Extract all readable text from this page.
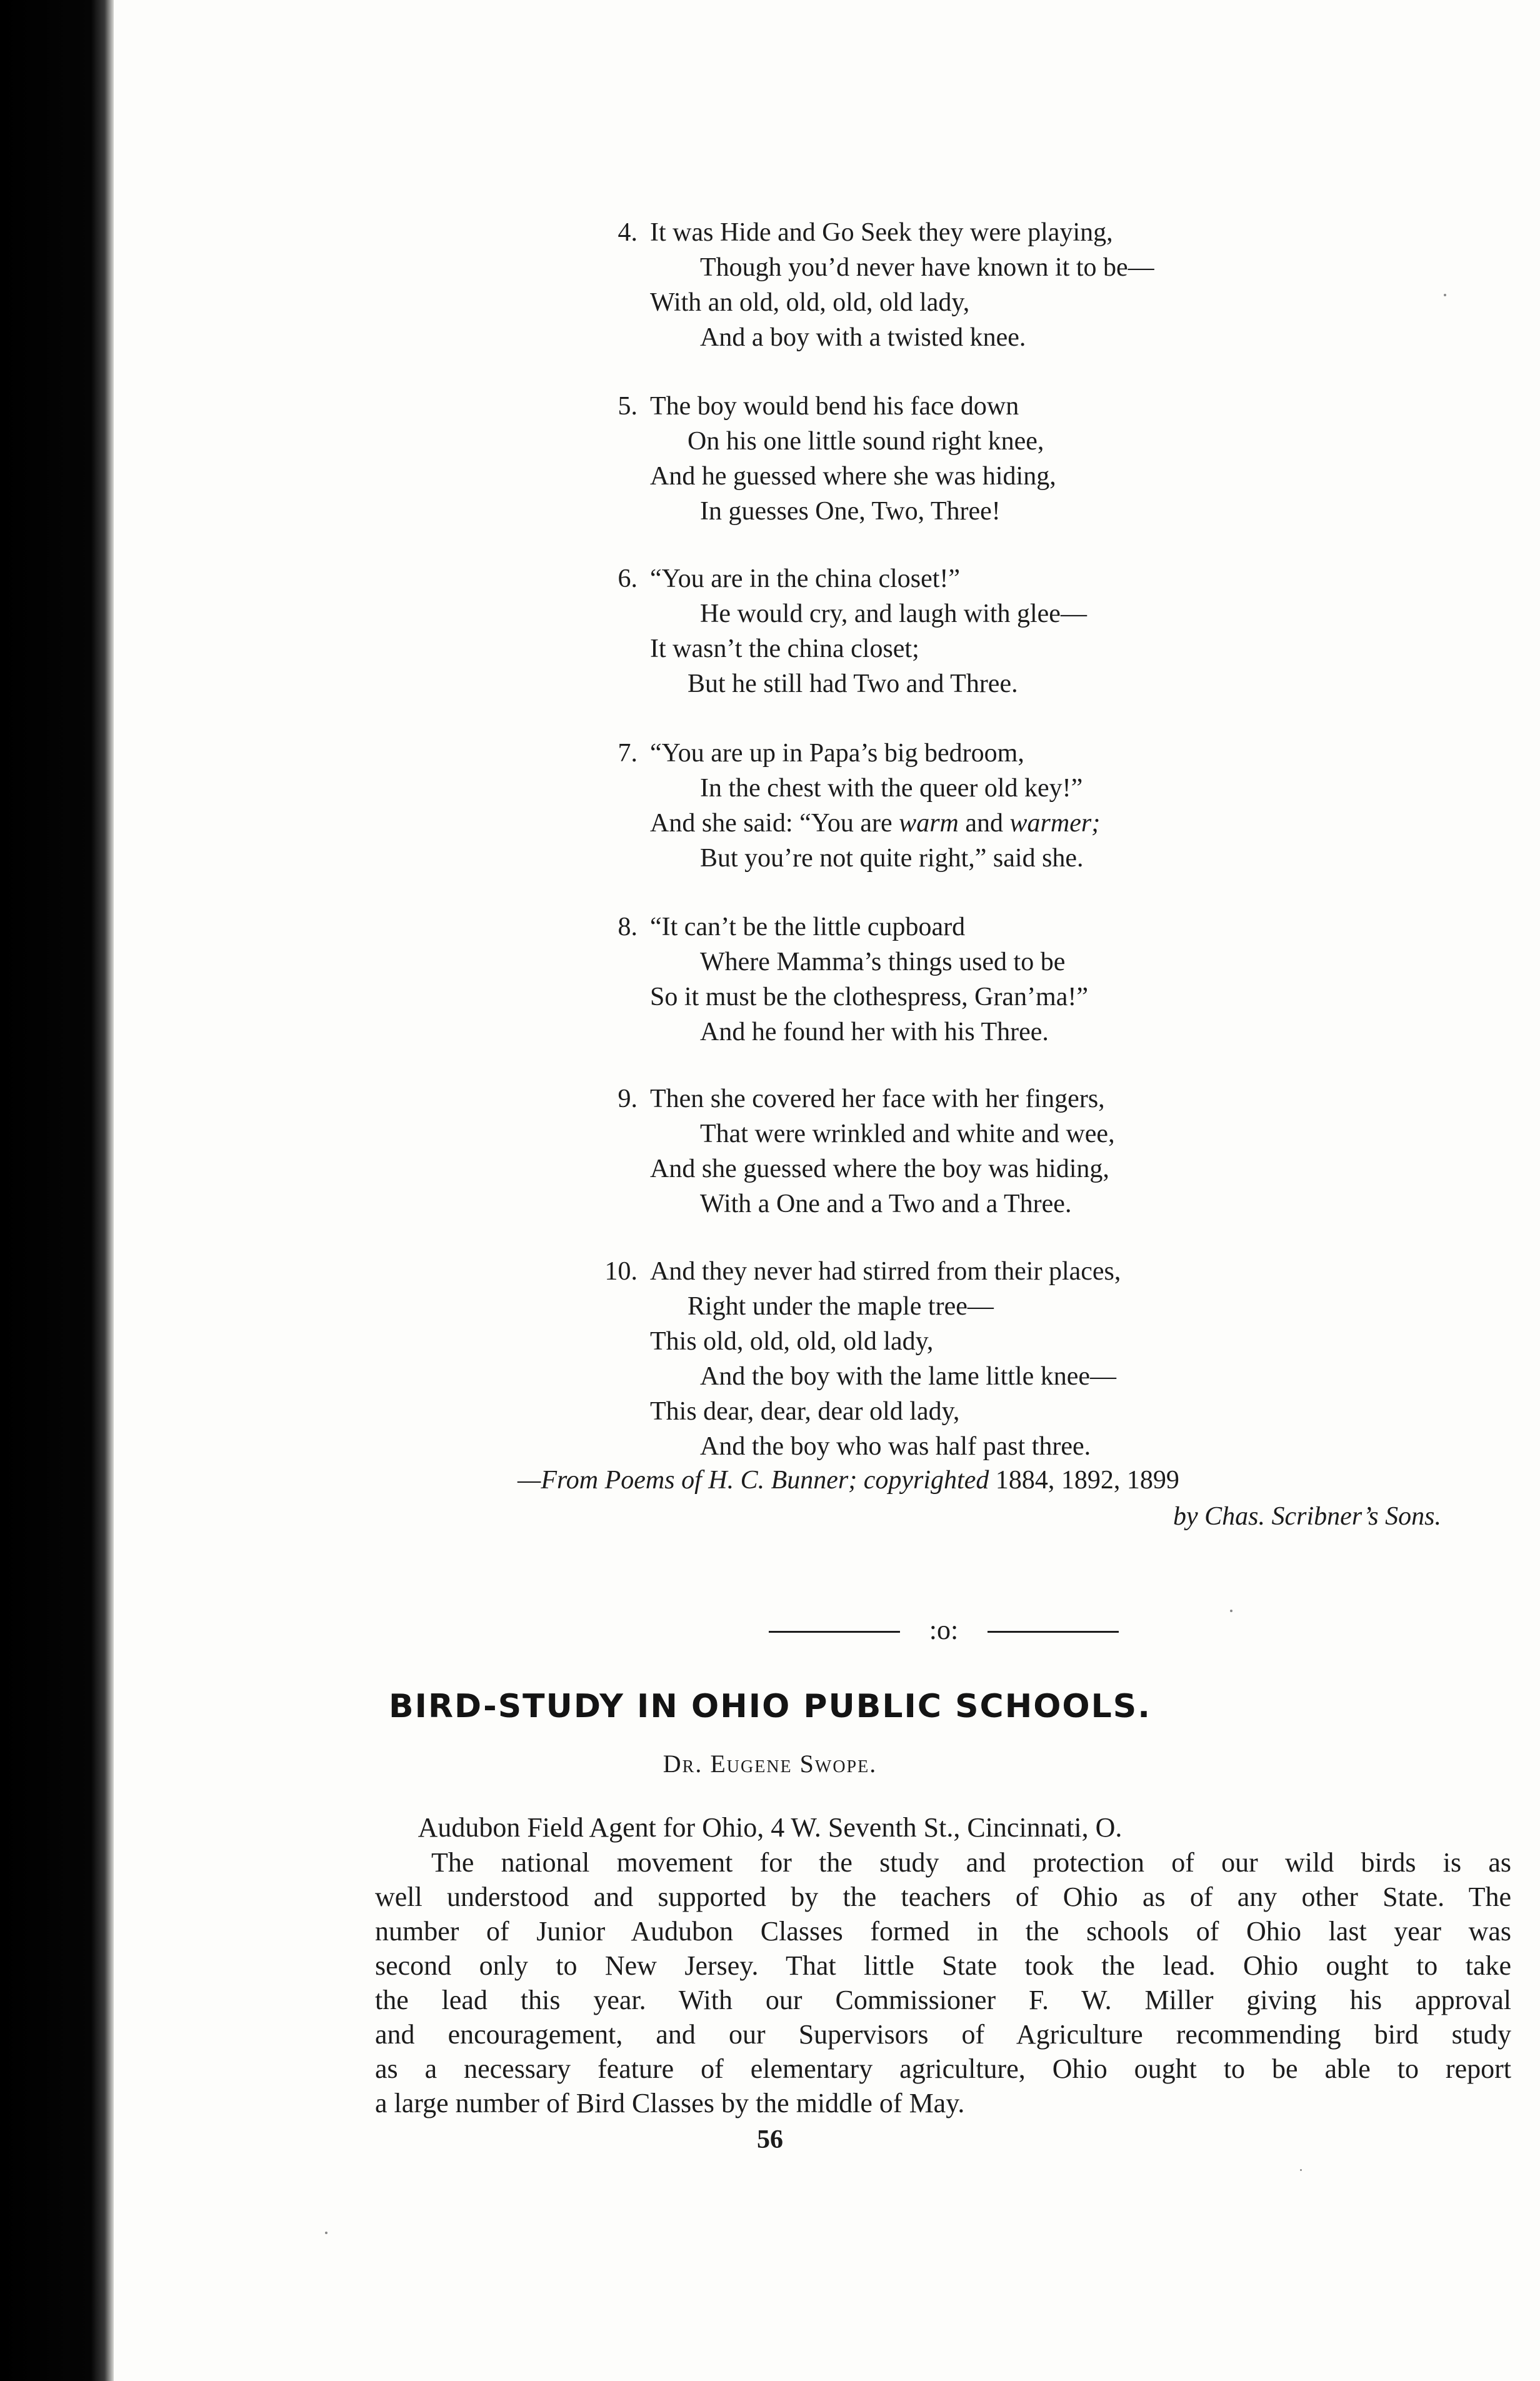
4. It was Hide and Go Seek they were playing,
Though you’d never have known it to be—
With an old, old, old, old lady,
And a boy with a twisted knee.
5. The boy would bend his face down
On his one little sound right knee,
And he guessed where she was hiding,
In guesses One, Two, Three!
6. “You are in the china closet!”
He would cry, and laugh with glee—
It wasn’t the china closet;
But he still had Two and Three.
7. “You are up in Papa’s big bedroom,
In the chest with the queer old key!”
And she said: “You are warm and warmer;
But you’re not quite right,” said she.
8. “It can’t be the little cupboard
Where Mamma’s things used to be
So it must be the clothespress, Gran’ma!”
And he found her with his Three.
9. Then she covered her face with her fingers,
That were wrinkled and white and wee,
And she guessed where the boy was hiding,
With a One and a Two and a Three.
10. And they never had stirred from their places,
Right under the maple tree—
This old, old, old, old lady,
And the boy with the lame little knee—
This dear, dear, dear old lady,
And the boy who was half past three.
—From Poems of H. C. Bunner; copyrighted 1884, 1892, 1899
by Chas. Scribner’s Sons.
:o:
BIRD-STUDY IN OHIO PUBLIC SCHOOLS.
Dr. Eugene Swope.
Audubon Field Agent for Ohio, 4 W. Seventh St., Cincinnati, O.
The national movement for the study and protection of our wild birds is as
well understood and supported by the teachers of Ohio as of any other State. The
number of Junior Audubon Classes formed in the schools of Ohio last year was
second only to New Jersey. That little State took the lead. Ohio ought to take
the lead this year. With our Commissioner F. W. Miller giving his approval
and encouragement, and our Supervisors of Agriculture recommending bird study
as a necessary feature of elementary agriculture, Ohio ought to be able to report
a large number of Bird Classes by the middle of May.
56
